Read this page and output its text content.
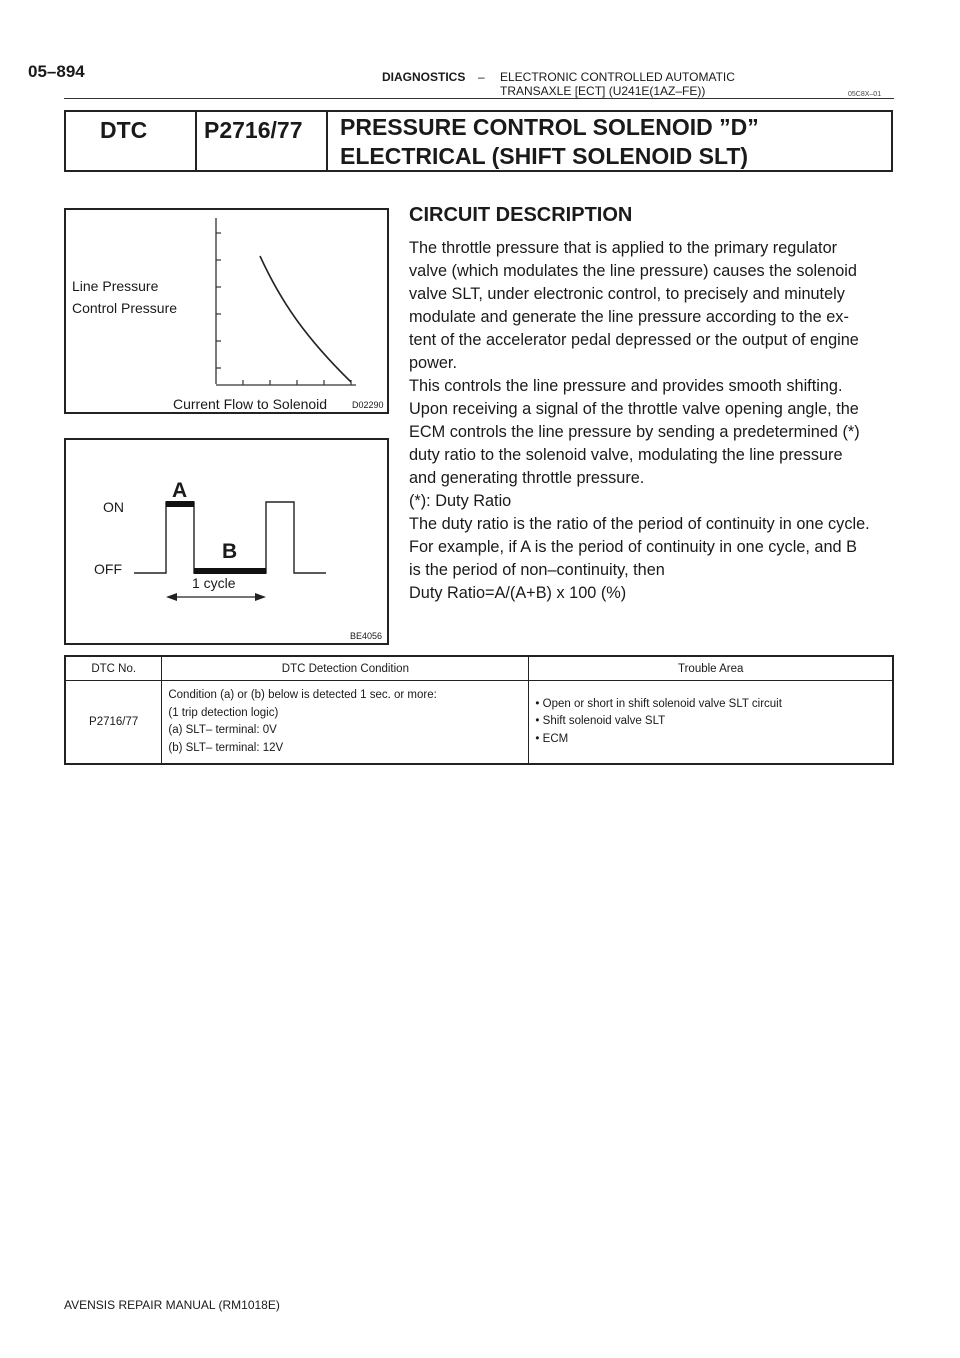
05–894	DIAGNOSTICS – ELECTRONIC CONTROLLED AUTOMATIC
TRANSAXLE [ECT] (U241E(1AZ–FE))	05C8X–01
DTC P2716/77 PRESSURE CONTROL SOLENOID ”D”
ELECTRICAL (SHIFT SOLENOID SLT)
Line Pressure
Control Pressure
Current Flow to Solenoid	D02290
ON
OFF
A
B
1 cycle
BE4056
CIRCUIT DESCRIPTION
The throttle pressure that is applied to the primary regulator
valve (which modulates the line pressure) causes the solenoid
valve SLT, under electronic control, to precisely and minutely
modulate and generate the line pressure according to the ex-
tent of the accelerator pedal depressed or the output of engine
power.
This controls the line pressure and provides smooth shifting.
Upon receiving a signal of the throttle valve opening angle, the
ECM controls the line pressure by sending a predetermined (*)
duty ratio to the solenoid valve, modulating the line pressure
and generating throttle pressure.
(*): Duty Ratio
The duty ratio is the ratio of the period of continuity in one cycle.
For example, if A is the period of continuity in one cycle, and B
is the period of non–continuity, then
Duty Ratio=A/(A+B) x 100 (%)
DTC No.	DTC Detection Condition	Trouble Area
P2716/77	Condition (a) or (b) below is detected 1 sec. or more:
(1 trip detection logic)
(a) SLT– terminal: 0V
(b) SLT– terminal: 12V	• Open or short in shift solenoid valve SLT circuit
• Shift solenoid valve SLT
• ECM
AVENSIS REPAIR MANUAL (RM1018E)
